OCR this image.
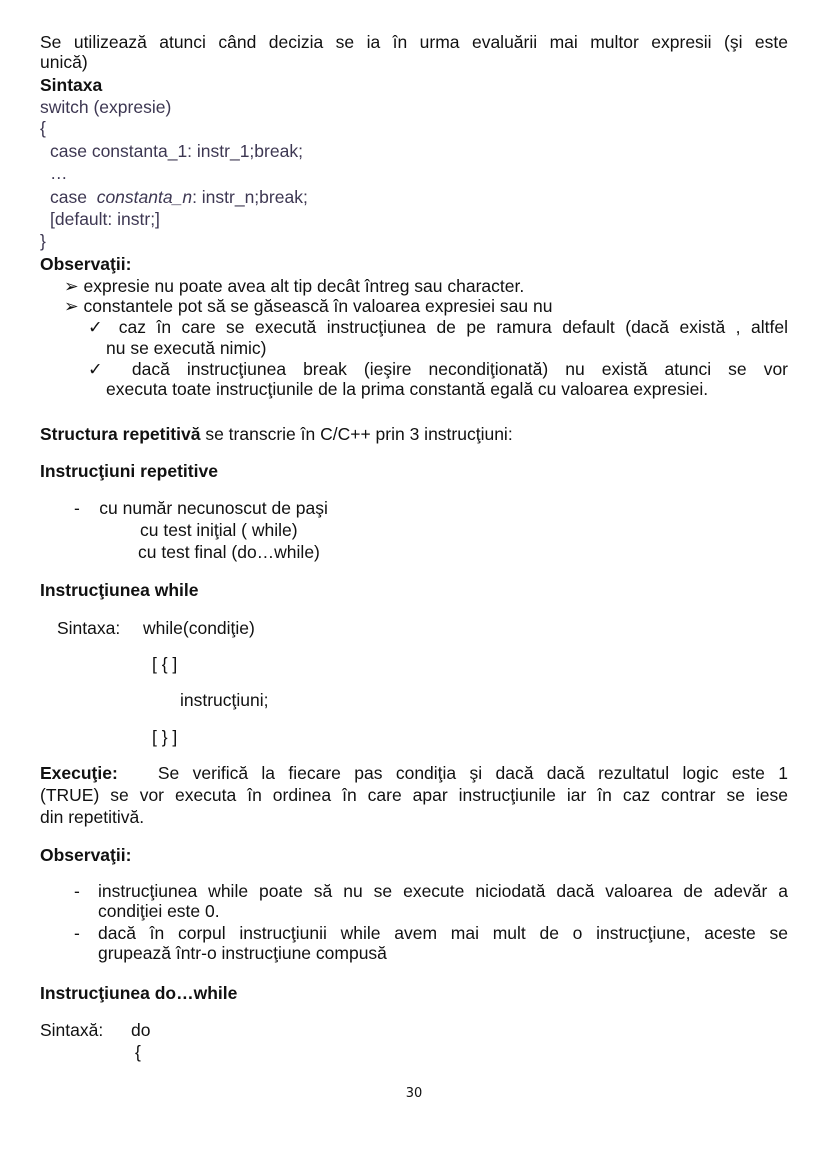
Se utilizează atunci când decizia se ia în urma evaluării mai multor expresii (şi este
unică)
Sintaxa
switch (expresie)
{
case constanta_1: instr_1;break;
…
case constanta_n: instr_n;break;
[default: instr;]
}
Observaţii:
➢ expresie nu poate avea alt tip decât întreg sau character.
➢ constantele pot să se găsească în valoarea expresiei sau nu
✓ caz în care se execută instrucţiunea de pe ramura default (dacă există , altfel
nu se execută nimic)
✓ dacă instrucţiunea break (ieşire necondiţionată) nu există atunci se vor
executa toate instrucţiunile de la prima constantă egală cu valoarea expresiei.
Structura repetitivă se transcrie în C/C++ prin 3 instrucţiuni:
Instrucţiuni repetitive
-    cu număr necunoscut de paşi
cu test iniţial ( while)
cu test final (do…while)
Instrucţiunea while
Sintaxa: while(condiţie)
[ { ]
instrucţiuni;
[ } ]
Execuţie: Se verifică la fiecare pas condiţia şi dacă dacă rezultatul logic este 1
(TRUE) se vor executa în ordinea în care apar instrucţiunile iar în caz contrar se iese
din repetitivă.
Observaţii:
- instrucţiunea while poate să nu se execute niciodată dacă valoarea de adevăr a
condiţiei este 0.
- dacă în corpul instrucţiunii while avem mai mult de o instrucţiune, aceste se
grupează într-o instrucţiune compusă
Instrucţiunea do…while
Sintaxă: do
{
30
